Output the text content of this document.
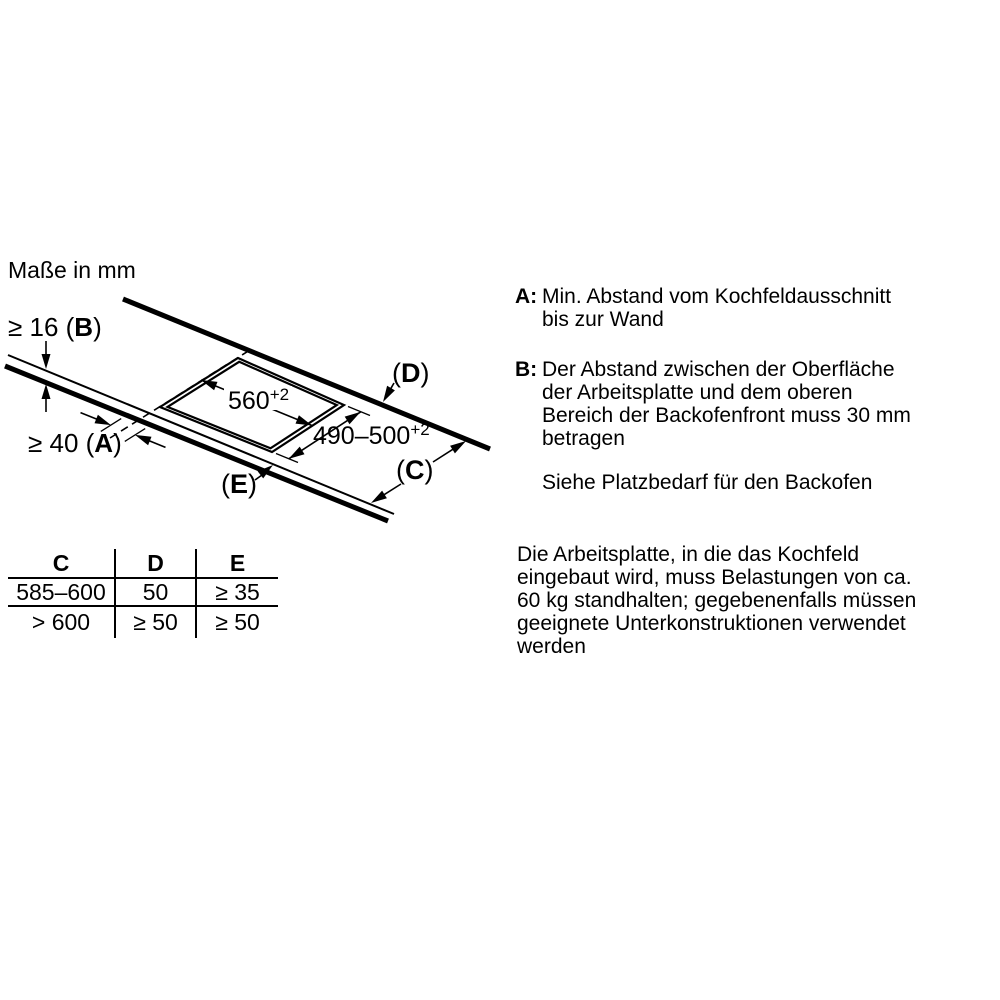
Maße in mm
$560^{+2}$
$490-500^{+2}$
(D)
(C)
(E)
≥ 16 (B)
≥ 40 (A)
C	D	E
585–600	50	≥ 35
> 600	≥ 50	≥ 50
A: Min. Abstand vom Kochfeldausschnitt
bis zur Wand
B: Der Abstand zwischen der Oberfläche
der Arbeitsplatte und dem oberen
Bereich der Backofenfront muss 30 mm
betragen
Siehe Platzbedarf für den Backofen
Die Arbeitsplatte, in die das Kochfeld
eingebaut wird, muss Belastungen von ca.
60 kg standhalten; gegebenenfalls müssen
geeignete Unterkonstruktionen verwendet
werden
